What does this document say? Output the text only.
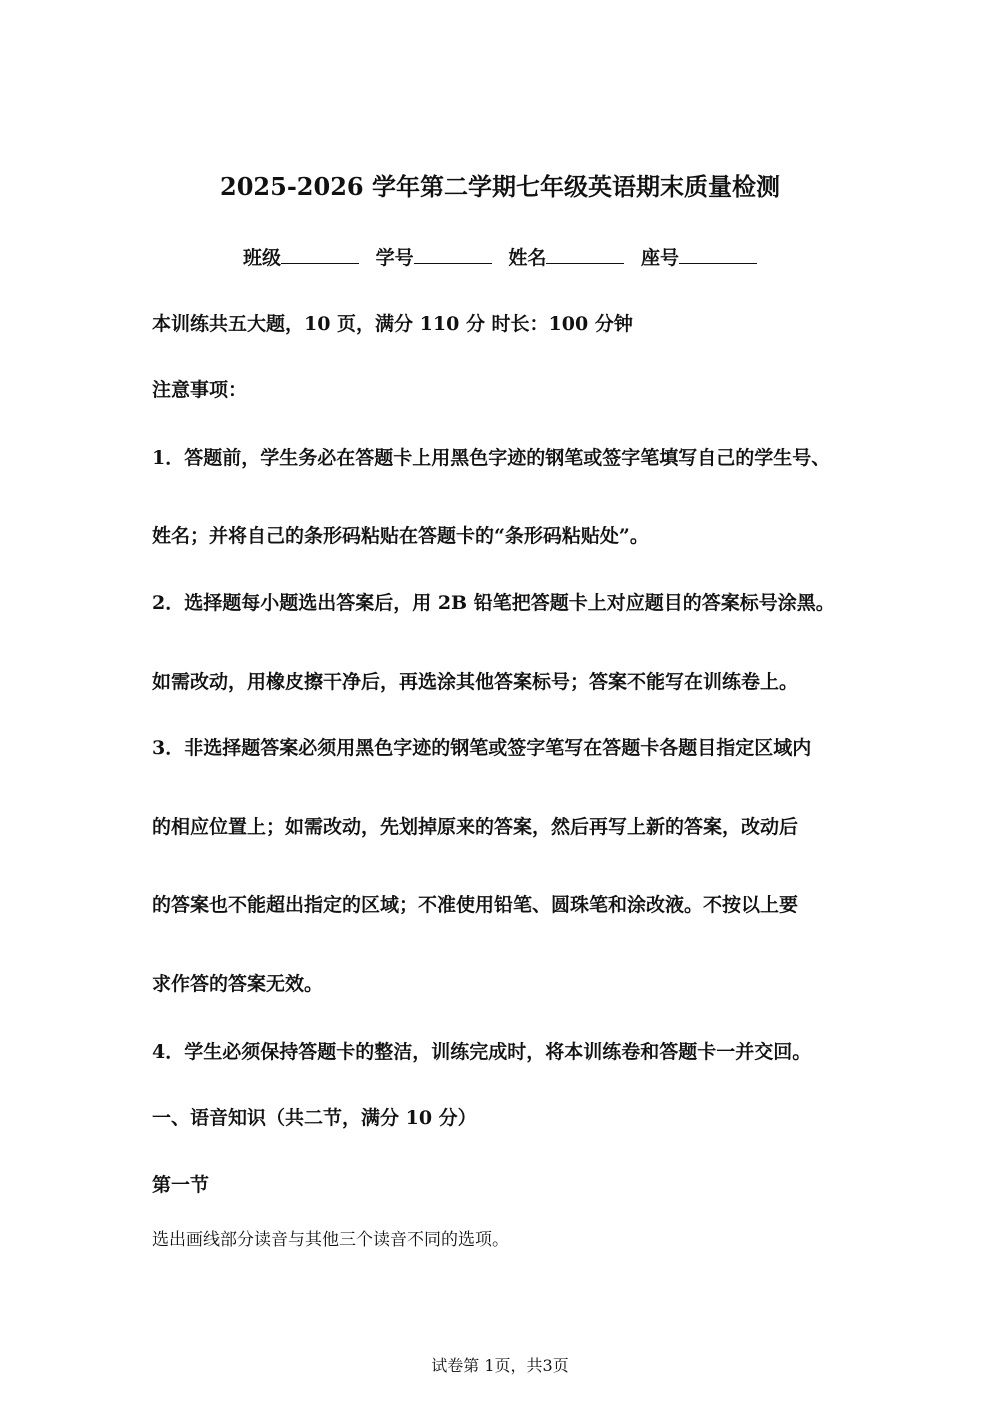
2025-2026 学年第二学期七年级英语期末质量检测
班级	学号	姓名	座号
本训练共五大题，10 页，满分 110 分 时长：100 分钟
注意事项：
1．答题前，学生务必在答题卡上用黑色字迹的钢笔或签字笔填写自己的学生号、
姓名；并将自己的条形码粘贴在答题卡的“条形码粘贴处”。
2．选择题每小题选出答案后，用 2B 铅笔把答题卡上对应题目的答案标号涂黑。
如需改动，用橡皮擦干净后，再选涂其他答案标号；答案不能写在训练卷上。
3．非选择题答案必须用黑色字迹的钢笔或签字笔写在答题卡各题目指定区域内
的相应位置上；如需改动，先划掉原来的答案，然后再写上新的答案，改动后
的答案也不能超出指定的区域；不准使用铅笔、圆珠笔和涂改液。不按以上要
求作答的答案无效。
4．学生必须保持答题卡的整洁，训练完成时，将本训练卷和答题卡一并交回。
一、语音知识（共二节，满分 10 分）
第一节
选出画线部分读音与其他三个读音不同的选项。
试卷第 1页，共3页
